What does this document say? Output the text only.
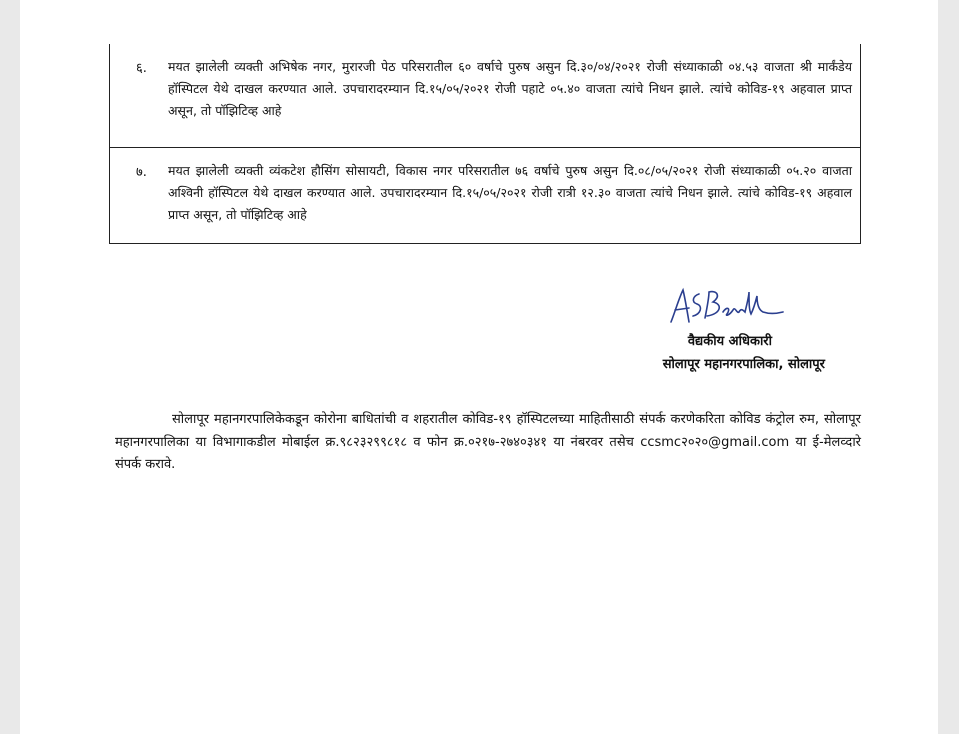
६.	मयत झालेली व्यक्ती अभिषेक नगर, मुरारजी पेठ परिसरातील ६० वर्षाचे पुरुष असुन दि.३०/०४/२०२१ रोजी संध्याकाळी ०४.५३ वाजता श्री मार्कंडेय हॉस्पिटल येथे दाखल करण्यात आले. उपचारादरम्यान दि.१५/०५/२०२१ रोजी पहाटे ०५.४० वाजता त्यांचे निधन झाले. त्यांचे कोविड-१९ अहवाल प्राप्त असून, तो पॉझिटिव्ह आहे
७.	मयत झालेली व्यक्ती व्यंकटेश हौसिंग सोसायटी, विकास नगर परिसरातील ७६ वर्षाचे पुरुष असुन दि.०८/०५/२०२१ रोजी संध्याकाळी ०५.२० वाजता अश्विनी हॉस्पिटल येथे दाखल करण्यात आले. उपचारादरम्यान दि.१५/०५/२०२१ रोजी रात्री १२.३० वाजता त्यांचे निधन झाले. त्यांचे कोविड-१९ अहवाल प्राप्त असून, तो पॉझिटिव्ह आहे
वैद्यकीय अधिकारी
सोलापूर महानगरपालिका, सोलापूर
सोलापूर महानगरपालिकेकडून कोरोना बाधितांची व शहरातील कोविड-१९ हॉस्पिटलच्या माहितीसाठी संपर्क करणेकरिता कोविड कंट्रोल रुम, सोलापूर महानगरपालिका या विभागाकडील मोबाईल क्र.९८२३२९९८१८ व फोन क्र.०२१७-२७४०३४१ या नंबरवर तसेच ccsmc२०२०@gmail.com या ई-मेलव्दारे संपर्क करावे.
